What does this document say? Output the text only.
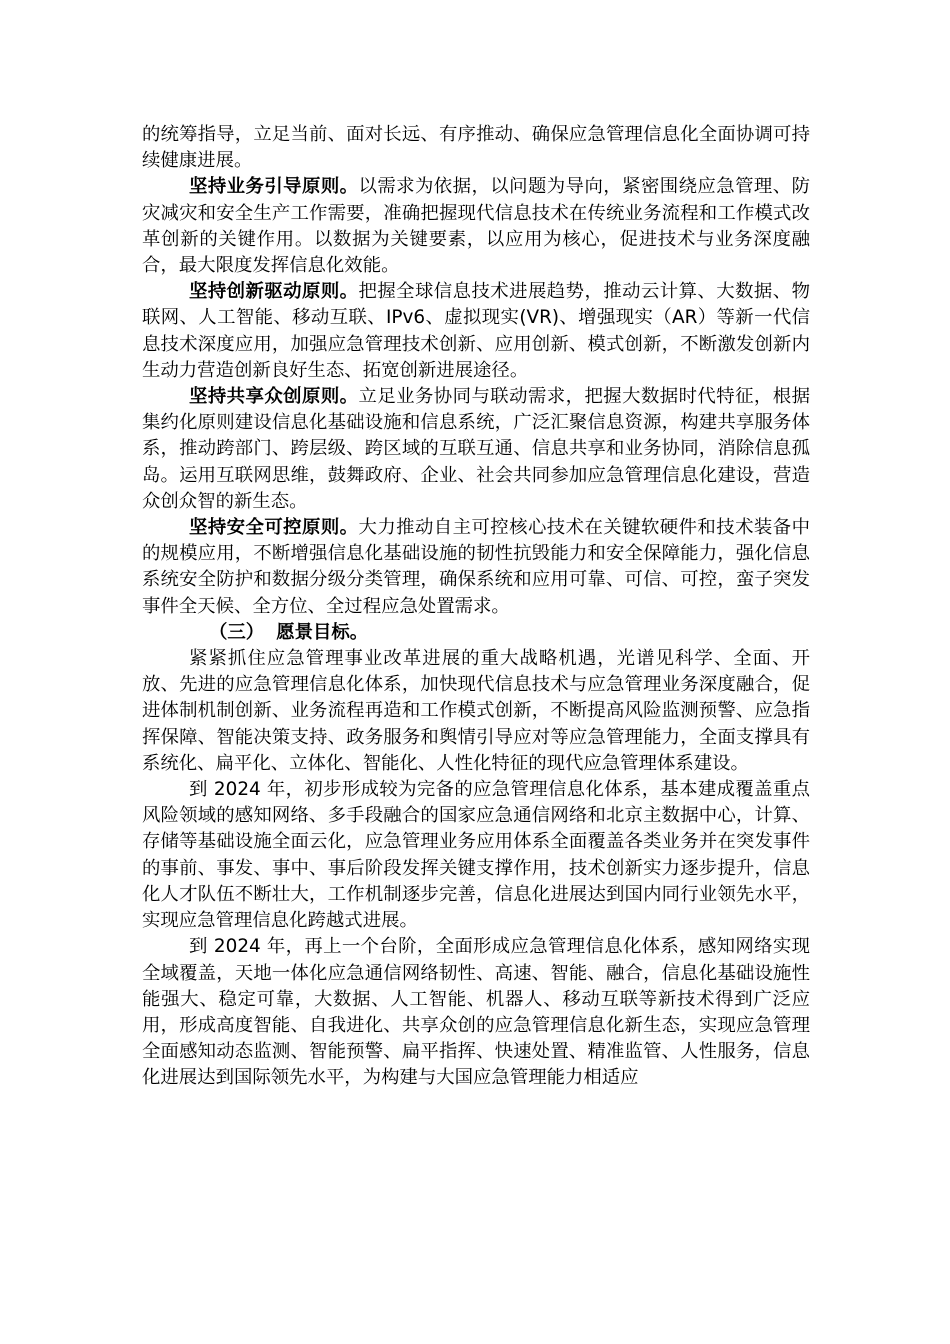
的统筹指导，立足当前、面对长远、有序推动、确保应急管理信息化全面协调可持续健康进展。

坚持业务引导原则。以需求为依据，以问题为导向，紧密围绕应急管理、防灾减灾和安全生产工作需要，准确把握现代信息技术在传统业务流程和工作模式改革创新的关键作用。以数据为关键要素，以应用为核心，促进技术与业务深度融合，最大限度发挥信息化效能。

坚持创新驱动原则。把握全球信息技术进展趋势，推动云计算、大数据、物联网、人工智能、移动互联、IPv6、虚拟现实(VR)、增强现实（AR）等新一代信息技术深度应用，加强应急管理技术创新、应用创新、模式创新，不断激发创新内生动力营造创新良好生态、拓宽创新进展途径。

坚持共享众创原则。立足业务协同与联动需求，把握大数据时代特征，根据集约化原则建设信息化基础设施和信息系统，广泛汇聚信息资源，构建共享服务体系，推动跨部门、跨层级、跨区域的互联互通、信息共享和业务协同，消除信息孤岛。运用互联网思维，鼓舞政府、企业、社会共同参加应急管理信息化建设，营造众创众智的新生态。

坚持安全可控原则。大力推动自主可控核心技术在关键软硬件和技术装备中的规模应用，不断增强信息化基础设施的韧性抗毁能力和安全保障能力，强化信息系统安全防护和数据分级分类管理，确保系统和应用可靠、可信、可控，蛮子突发事件全天候、全方位、全过程应急处置需求。

（三） 愿景目标。

紧紧抓住应急管理事业改革进展的重大战略机遇，光谱见科学、全面、开放、先进的应急管理信息化体系，加快现代信息技术与应急管理业务深度融合，促进体制机制创新、业务流程再造和工作模式创新，不断提高风险监测预警、应急指挥保障、智能决策支持、政务服务和舆情引导应对等应急管理能力，全面支撑具有系统化、扁平化、立体化、智能化、人性化特征的现代应急管理体系建设。

到 2024 年，初步形成较为完备的应急管理信息化体系，基本建成覆盖重点风险领域的感知网络、多手段融合的国家应急通信网络和北京主数据中心，计算、存储等基础设施全面云化，应急管理业务应用体系全面覆盖各类业务并在突发事件的事前、事发、事中、事后阶段发挥关键支撑作用，技术创新实力逐步提升，信息化人才队伍不断壮大，工作机制逐步完善，信息化进展达到国内同行业领先水平，实现应急管理信息化跨越式进展。

到 2024 年，再上一个台阶，全面形成应急管理信息化体系，感知网络实现全域覆盖，天地一体化应急通信网络韧性、高速、智能、融合，信息化基础设施性能强大、稳定可靠，大数据、人工智能、机器人、移动互联等新技术得到广泛应用，形成高度智能、自我进化、共享众创的应急管理信息化新生态，实现应急管理全面感知动态监测、智能预警、扁平指挥、快速处置、精准监管、人性服务，信息化进展达到国际领先水平，为构建与大国应急管理能力相适应
